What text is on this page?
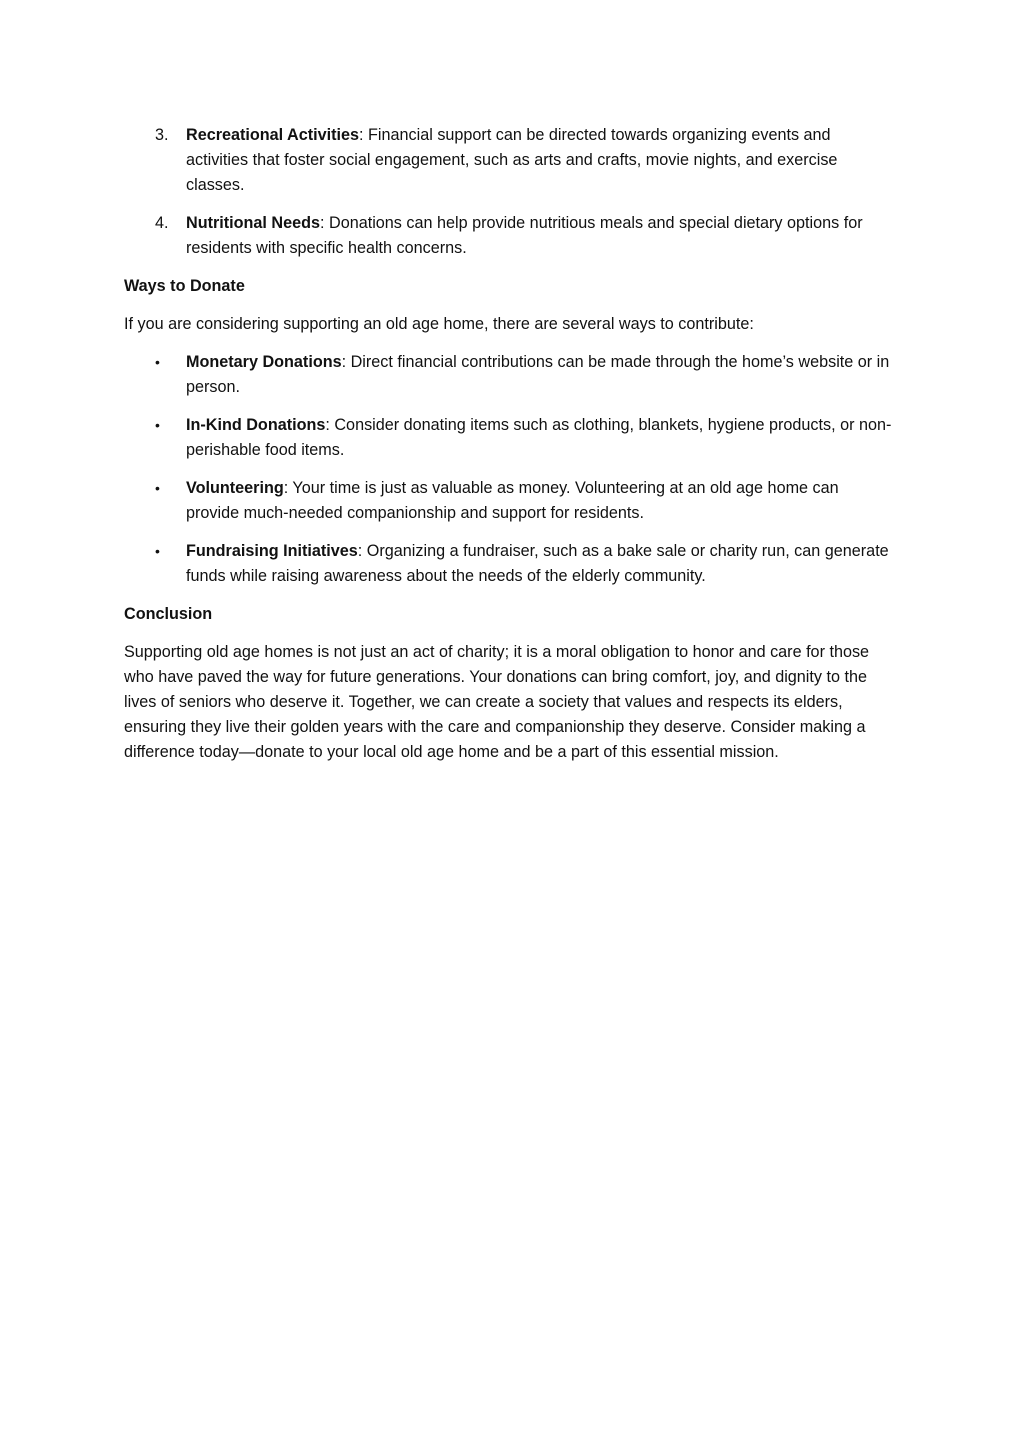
3.	Recreational Activities: Financial support can be directed towards organizing events and activities that foster social engagement, such as arts and crafts, movie nights, and exercise classes.
4.	Nutritional Needs: Donations can help provide nutritious meals and special dietary options for residents with specific health concerns.
Ways to Donate
If you are considering supporting an old age home, there are several ways to contribute:
•	Monetary Donations: Direct financial contributions can be made through the home’s website or in person.
•	In-Kind Donations: Consider donating items such as clothing, blankets, hygiene products, or non-perishable food items.
•	Volunteering: Your time is just as valuable as money. Volunteering at an old age home can provide much-needed companionship and support for residents.
•	Fundraising Initiatives: Organizing a fundraiser, such as a bake sale or charity run, can generate funds while raising awareness about the needs of the elderly community.
Conclusion
Supporting old age homes is not just an act of charity; it is a moral obligation to honor and care for those who have paved the way for future generations. Your donations can bring comfort, joy, and dignity to the lives of seniors who deserve it. Together, we can create a society that values and respects its elders, ensuring they live their golden years with the care and companionship they deserve. Consider making a difference today—donate to your local old age home and be a part of this essential mission.
